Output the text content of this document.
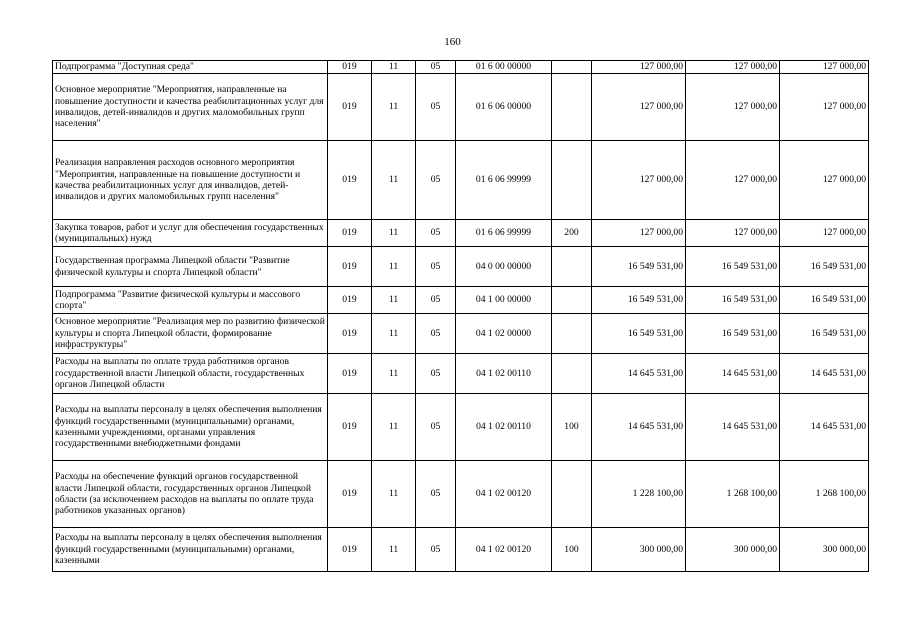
160
Подпрограмма "Доступная среда"	019	11	05	01 6 00 00000		127 000,00	127 000,00	127 000,00
Основное мероприятие "Мероприятия, направленные на повышение доступности и качества реабилитационных услуг для инвалидов, детей-инвалидов и других маломобильных групп населения"	019	11	05	01 6 06 00000		127 000,00	127 000,00	127 000,00
Реализация направления расходов основного мероприятия "Мероприятия, направленные на повышение доступности и качества реабилитационных услуг для инвалидов, детей-инвалидов и других маломобильных групп населения"	019	11	05	01 6 06 99999		127 000,00	127 000,00	127 000,00
Закупка товаров, работ и услуг для обеспечения государственных (муниципальных) нужд	019	11	05	01 6 06 99999	200	127 000,00	127 000,00	127 000,00
Государственная программа Липецкой области "Развитие физической культуры и спорта Липецкой области"	019	11	05	04 0 00 00000		16 549 531,00	16 549 531,00	16 549 531,00
Подпрограмма "Развитие физической культуры и массового спорта"	019	11	05	04 1 00 00000		16 549 531,00	16 549 531,00	16 549 531,00
Основное мероприятие "Реализация мер по развитию физической культуры и спорта Липецкой области, формирование инфраструктуры"	019	11	05	04 1 02 00000		16 549 531,00	16 549 531,00	16 549 531,00
Расходы на выплаты по оплате труда работников органов государственной власти Липецкой области, государственных органов Липецкой области	019	11	05	04 1 02 00110		14 645 531,00	14 645 531,00	14 645 531,00
Расходы на выплаты персоналу в целях обеспечения выполнения функций государственными (муниципальными) органами, казенными учреждениями, органами управления государственными внебюджетными фондами	019	11	05	04 1 02 00110	100	14 645 531,00	14 645 531,00	14 645 531,00
Расходы на обеспечение функций органов государственной власти Липецкой области, государственных органов Липецкой области (за исключением расходов на выплаты по оплате труда работников указанных органов)	019	11	05	04 1 02 00120		1 228 100,00	1 268 100,00	1 268 100,00
Расходы на выплаты персоналу в целях обеспечения выполнения функций государственными (муниципальными) органами, казенными	019	11	05	04 1 02 00120	100	300 000,00	300 000,00	300 000,00
